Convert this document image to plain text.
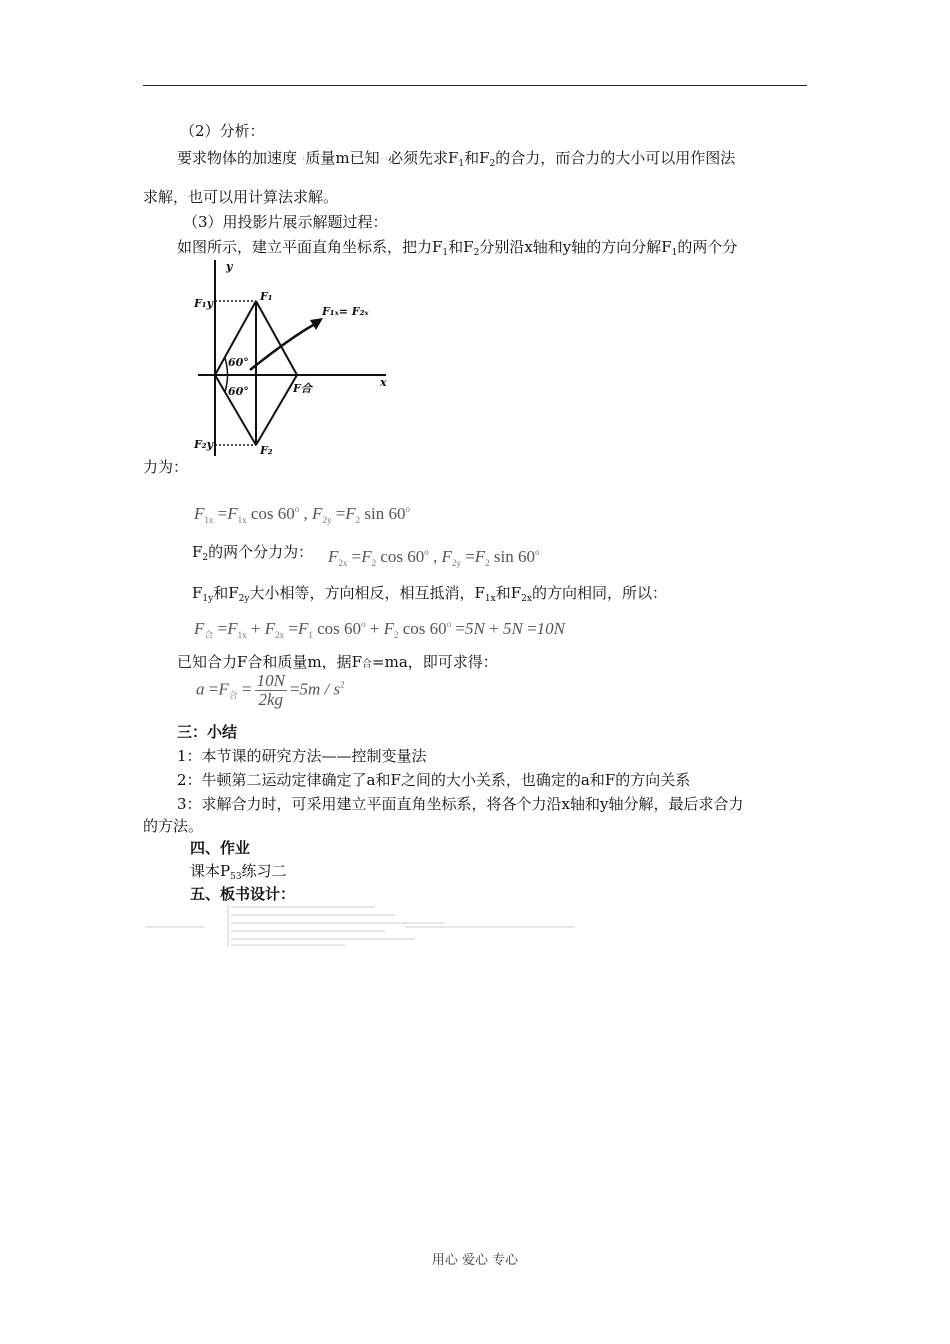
（2）分析：
要求物体的加速度⁻¹质量m已知⁻¹必须先求$F_1$和$F_2$的合力，而合力的大小可以用作图法
求解，也可以用计算法求解。
（3）用投影片展示解题过程：
如图所示，建立平面直角坐标系，把力$F_1$和$F_2$分别沿x轴和y轴的方向分解$F_1$的两个分
y
x
F₁
F₂
F₁y
F₂y
F合
60°
60°
F₁ₓ= F₂ₓ
力为：
$F_{1x} =F_{1x}$ cos 60$^o$ , $F_{2y} =F_2$ sin 60$^o$
$F_2$的两个分力为： $F_{2x} =F_2$ cos 60$^o$ , $F_{2y} =F_2$ sin 60$^o$
$F_{1y}$和$F_{2y}$大小相等，方向相反，相互抵消，$F_{1x}$和$F_{2x}$的方向相同，所以：
$F_合 =F_{1x} + F_{2x} =F_1$ $\cos 60^o + F_2$ $\cos 60^o =5N + 5N =10N$
已知合力F合和质量m，据F合=ma，即可求得：
$a =F_合 = \frac{10N}{2kg} =5m / s^2$
三：小结
1：本节课的研究方法——控制变量法
2：牛顿第二运动定律确定了a和F之间的大小关系，也确定的a和F的方向关系
3：求解合力时，可采用建立平面直角坐标系，将各个力沿x轴和y轴分解，最后求合力
的方法。
四、作业
课本$P_{53}$练习二
五、板书设计：
用心 爱心 专心
